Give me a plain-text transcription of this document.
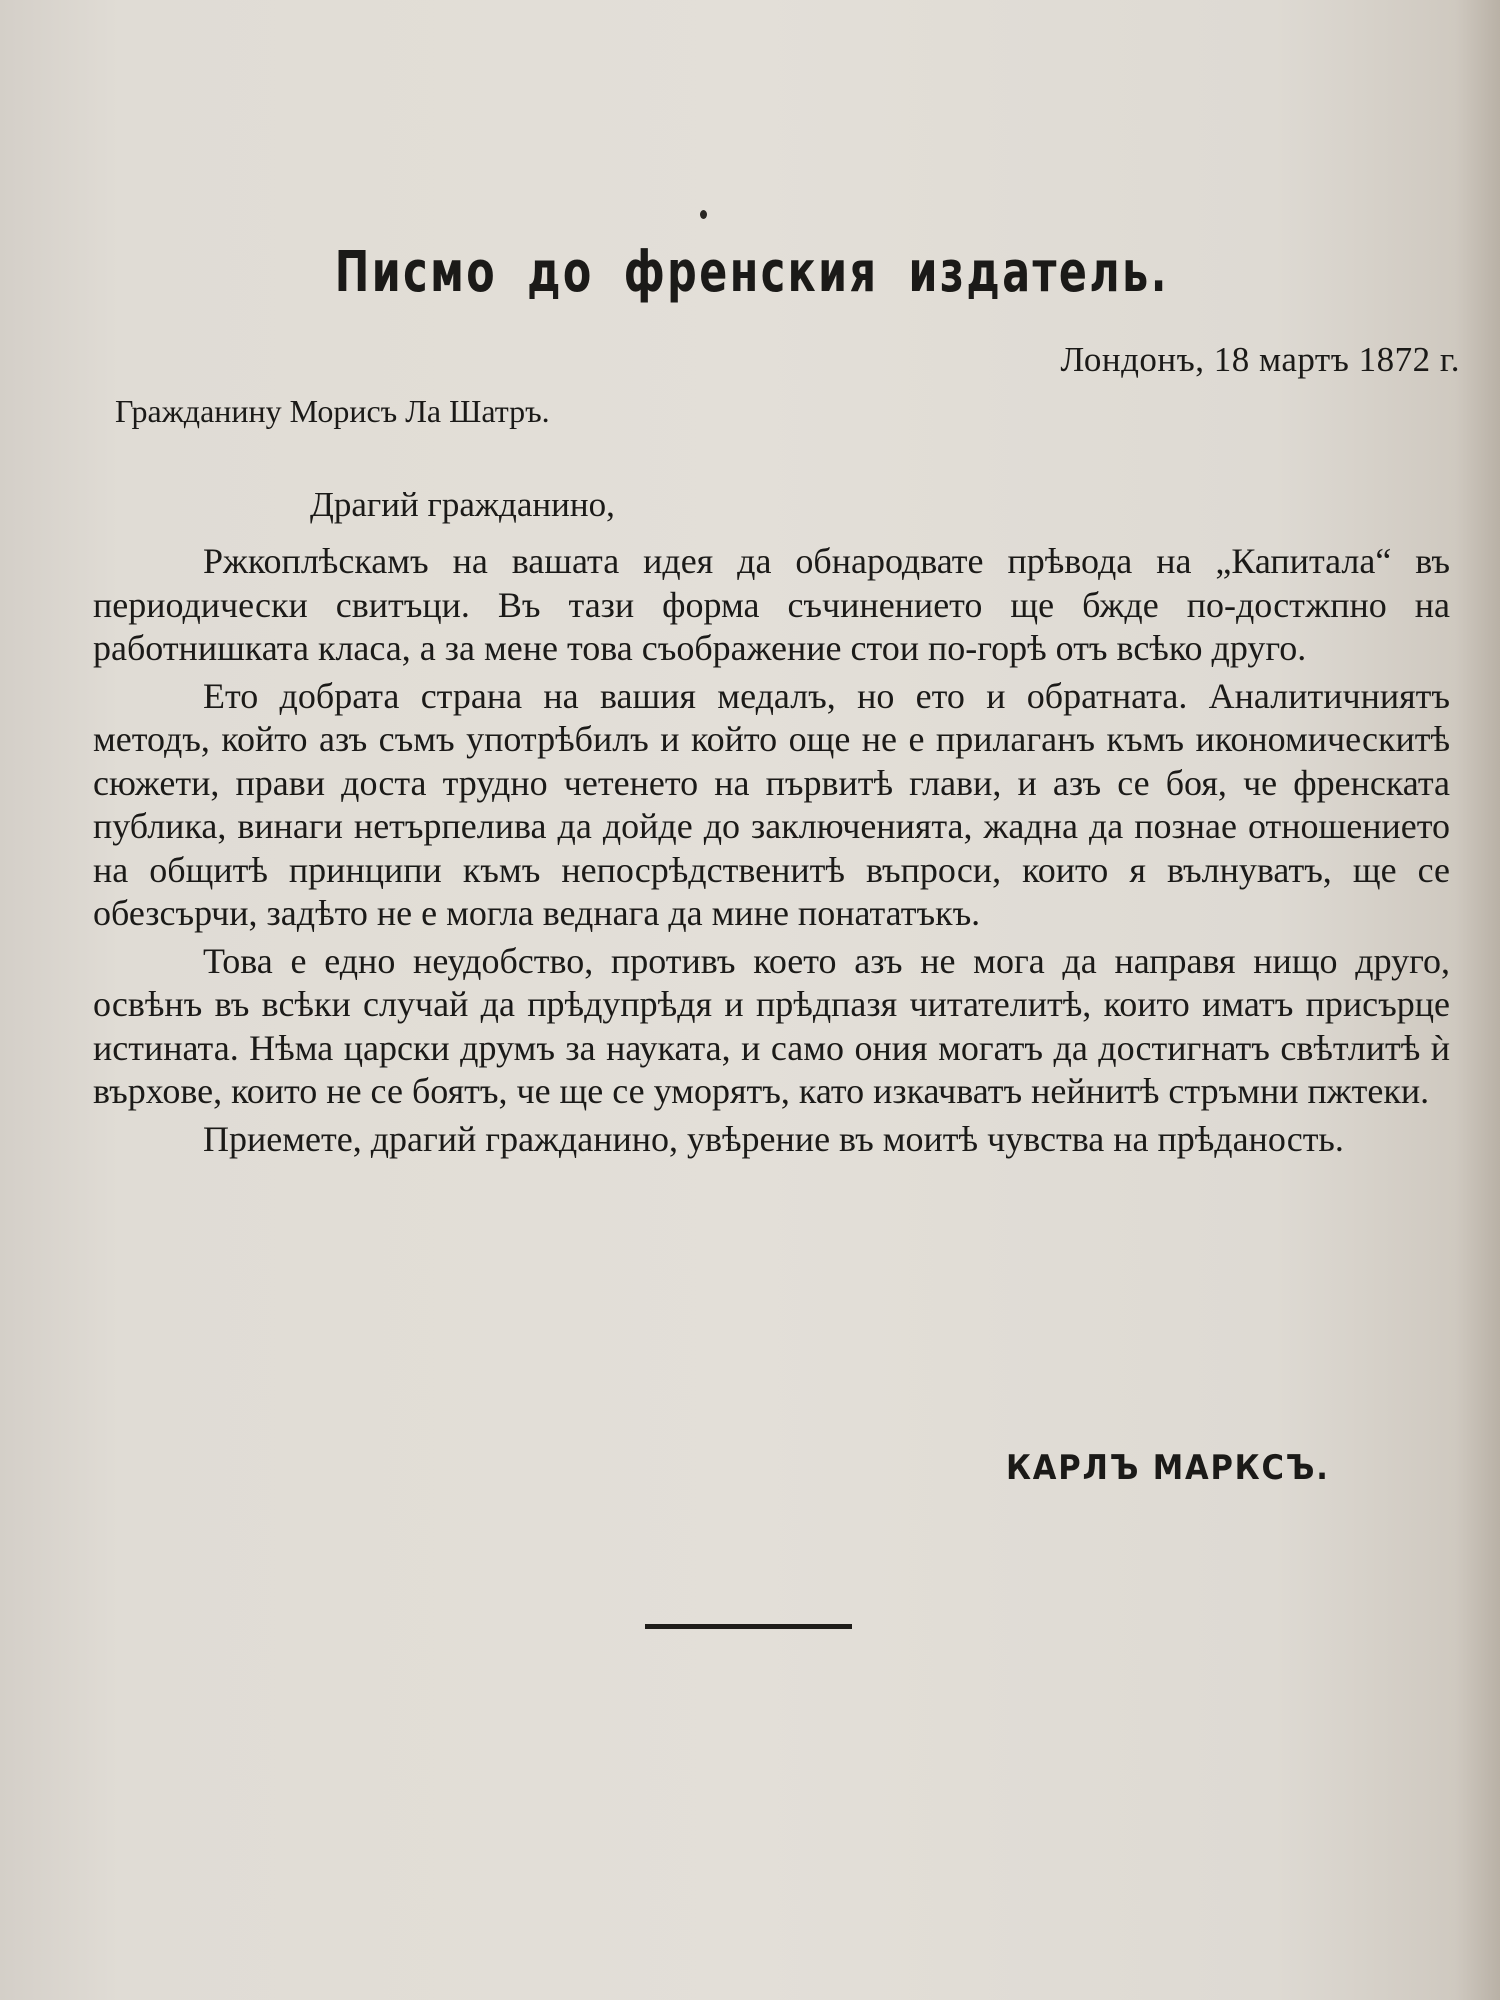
Писмо до френския издатель.
Лондонъ, 18 мартъ 1872 г.
Гражданину Морисъ Ла Шатръ.
Драгий гражданино,

Ржкоплѣскамъ на вашата идея да обнародвате прѣвода на „Капитала“ въ периодически свитъци. Въ тази форма съчинението ще бжде по-достжпно на работнишката класа, а за мене това съображение стои по-горѣ отъ всѣко друго.

Ето добрата страна на вашия медалъ, но ето и обратната. Аналитичниятъ методъ, който азъ съмъ употрѣбилъ и който още не е прилаганъ къмъ икономическитѣ сюжети, прави доста трудно четенето на първитѣ глави, и азъ се боя, че френската публика, винаги нетърпелива да дойде до заключенията, жадна да познае отношението на общитѣ принципи къмъ непосрѣдственитѣ въпроси, които я вълнуватъ, ще се обезсърчи, задѣто не е могла веднага да мине понататъкъ.

Това е едно неудобство, противъ което азъ не мога да направя нищо друго, освѣнъ въ всѣки случай да прѣдупрѣдя и прѣдпазя читателитѣ, които иматъ присърце истината. Нѣма царски друмъ за науката, и само ония могатъ да достигнатъ свѣтлитѣ ѝ върхове, които не се боятъ, че ще се уморятъ, като изкачватъ нейнитѣ стръмни пжтеки.

Приемете, драгий гражданино, увѣрение въ моитѣ чувства на прѣданость.

КАРЛЪ МАРКСЪ.
